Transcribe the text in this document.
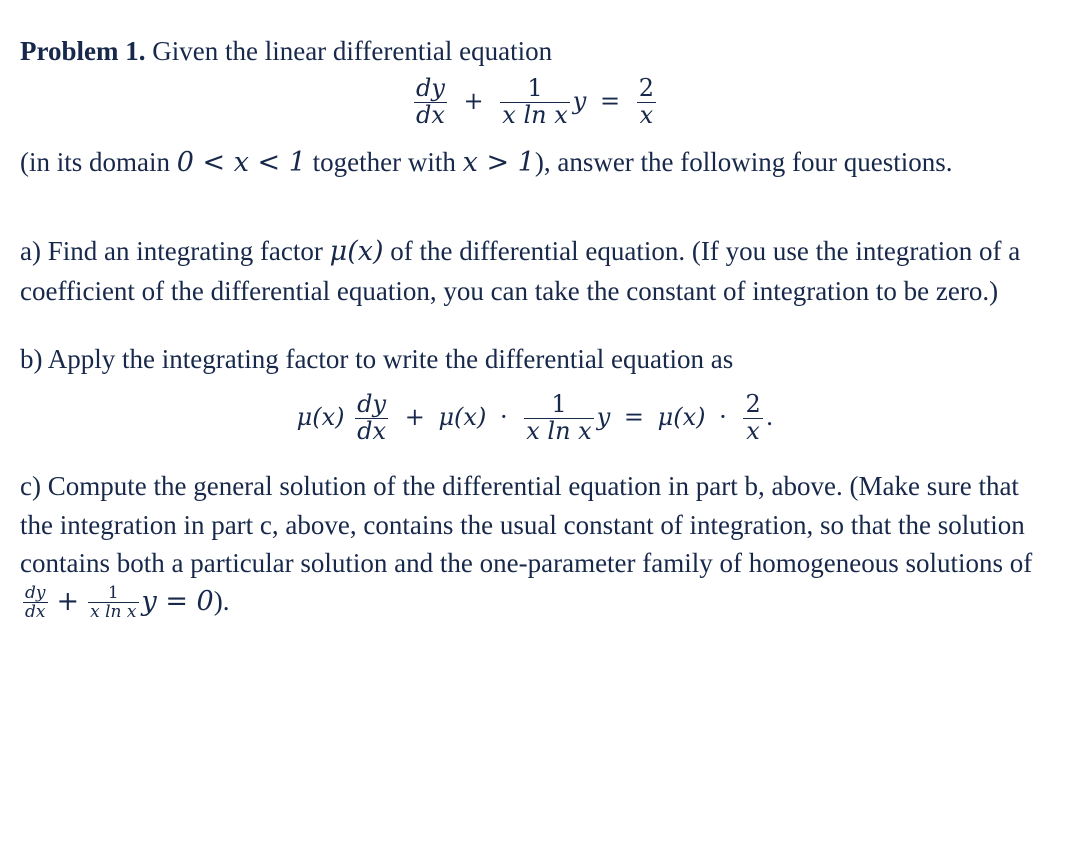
Problem 1. Given the linear differential equation

$\frac{dy}{dx} + \frac{1}{\text{x ln x}}$ $y = \frac{2}{x}$

(in its domain 0 < x < 1 together with x > 1), answer the following four questions.

a) Find an integrating factor μ(x) of the differential equation. (If you use the integration of a coefficient of the differential equation, you can take the constant of integration to be zero.)

b) Apply the integrating factor to write the differential equation as

$\mu(x) \frac{dy}{dx} + \mu(x) \cdot \frac{1}{\text{x ln x}}$ $y = \mu(x) \cdot \frac{2}{x}$ .

c) Compute the general solution of the differential equation in part b, above. (Make sure that the integration in part c, above, contains the usual constant of integration, so that the solution contains both a particular solution and the one-parameter family of homogeneous solutions of
$\frac{dy}{dx} + \frac{1}{\text{x ln x}}$ y = 0).
